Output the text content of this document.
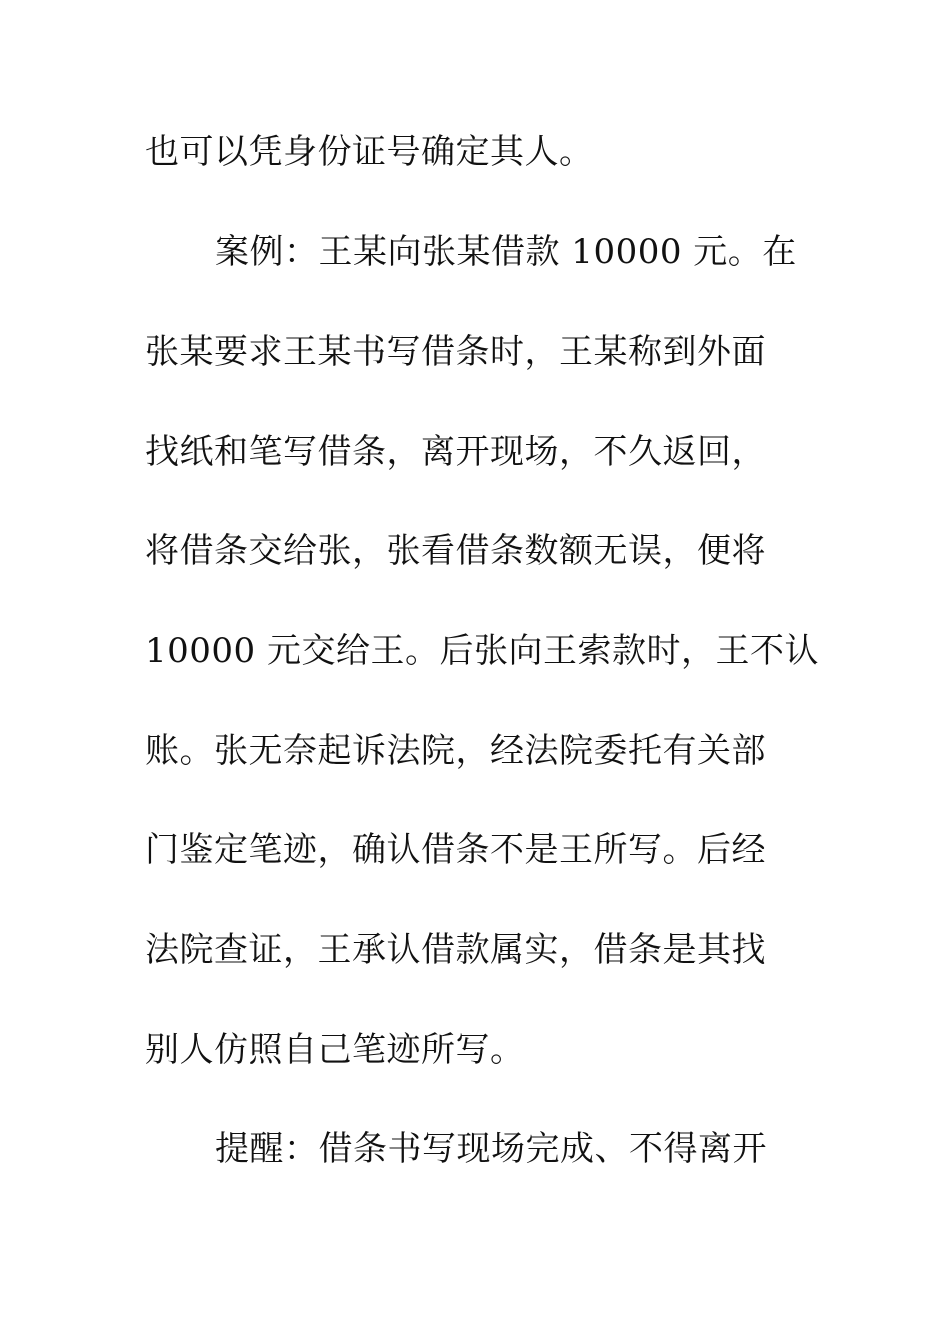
也可以凭身份证号确定其人。
案例：王某向张某借款 10000 元。在
张某要求王某书写借条时，王某称到外面
找纸和笔写借条，离开现场，不久返回，
将借条交给张，张看借条数额无误，便将
10000 元交给王。后张向王索款时，王不认
账。张无奈起诉法院，经法院委托有关部
门鉴定笔迹，确认借条不是王所写。后经
法院查证，王承认借款属实，借条是其找
别人仿照自己笔迹所写。
提醒：借条书写现场完成、不得离开
